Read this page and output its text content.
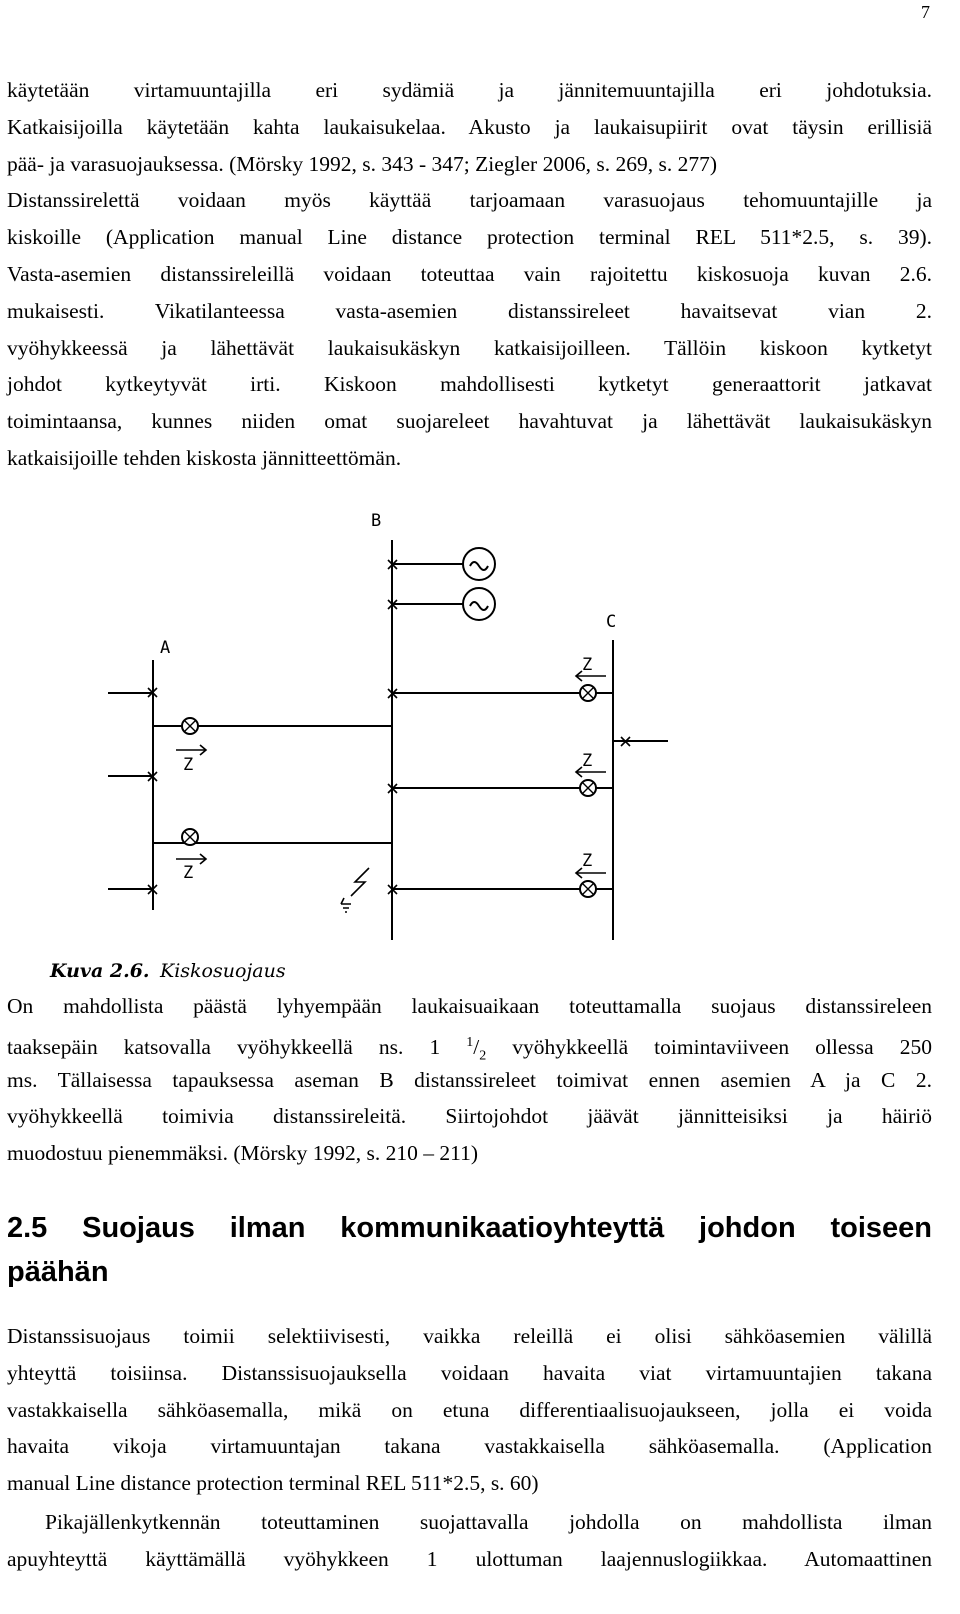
7
käytetään virtamuuntajilla eri sydämiä ja jännitemuuntajilla eri johdotuksia.
Katkaisijoilla käytetään kahta laukaisukelaa. Akusto ja laukaisupiirit ovat täysin erillisiä
pää- ja varasuojauksessa. (Mörsky 1992, s. 343 - 347; Ziegler 2006, s. 269, s. 277)
Distanssirelettä voidaan myös käyttää tarjoamaan varasuojaus tehomuuntajille ja
kiskoille (Application manual Line distance protection terminal REL 511*2.5, s. 39).
Vasta-asemien distanssireleillä voidaan toteuttaa vain rajoitettu kiskosuoja kuvan 2.6.
mukaisesti. Vikatilanteessa vasta-asemien distanssireleet havaitsevat vian 2.
vyöhykkeessä ja lähettävät laukaisukäskyn katkaisijoilleen. Tällöin kiskoon kytketyt
johdot kytkeytyvät irti. Kiskoon mahdollisesti kytketyt generaattorit jatkavat
toimintaansa, kunnes niiden omat suojareleet havahtuvat ja lähettävät laukaisukäskyn
katkaisijoille tehden kiskosta jännitteettömän.
A
B
C
Z
Z
Z
Z
Z
Kuva 2.6. Kiskosuojaus
On mahdollista päästä lyhyempään laukaisuaikaan toteuttamalla suojaus distanssireleen
taaksepäin katsovalla vyöhykkeellä ns. 1 $^1/_2$ vyöhykkeellä toimintaviiveen ollessa 250
ms. Tällaisessa tapauksessa aseman B distanssireleet toimivat ennen asemien A ja C 2.
vyöhykkeellä toimivia distanssireleitä. Siirtojohdot jäävät jännitteisiksi ja häiriö
muodostuu pienemmäksi. (Mörsky 1992, s. 210 – 211)
2.5 Suojaus ilman kommunikaatioyhteyttä johdon toiseen
päähän
Distanssisuojaus toimii selektiivisesti, vaikka releillä ei olisi sähköasemien välillä
yhteyttä toisiinsa. Distanssisuojauksella voidaan havaita viat virtamuuntajien takana
vastakkaisella sähköasemalla, mikä on etuna differentiaalisuojaukseen, jolla ei voida
havaita vikoja virtamuuntajan takana vastakkaisella sähköasemalla. (Application
manual Line distance protection terminal REL 511*2.5, s. 60)
Pikajällenkytkennän toteuttaminen suojattavalla johdolla on mahdollista ilman
apuyhteyttä käyttämällä vyöhykkeen 1 ulottuman laajennuslogiikkaa. Automaattinen
